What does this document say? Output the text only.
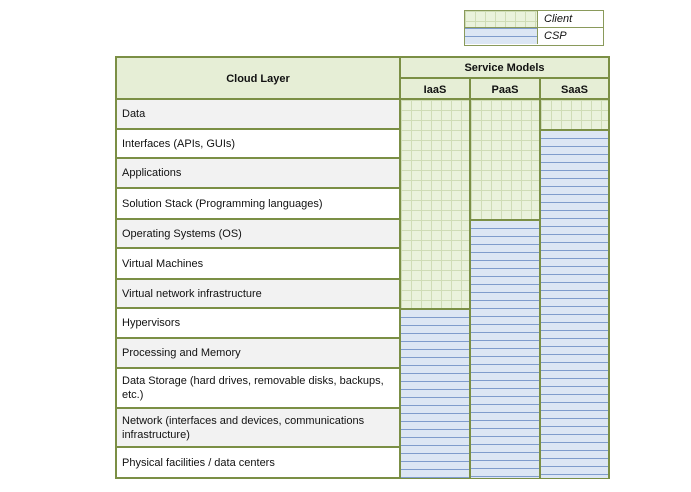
Client
CSP
Cloud Layer
Service Models
IaaS	PaaS	SaaS
Data
Interfaces (APIs, GUIs)
Applications
Solution Stack (Programming languages)
Operating Systems (OS)
Virtual Machines
Virtual network infrastructure
Hypervisors
Processing and Memory
Data Storage (hard drives, removable disks, backups, etc.)
Network (interfaces and devices, communications infrastructure)
Physical facilities / data centers
